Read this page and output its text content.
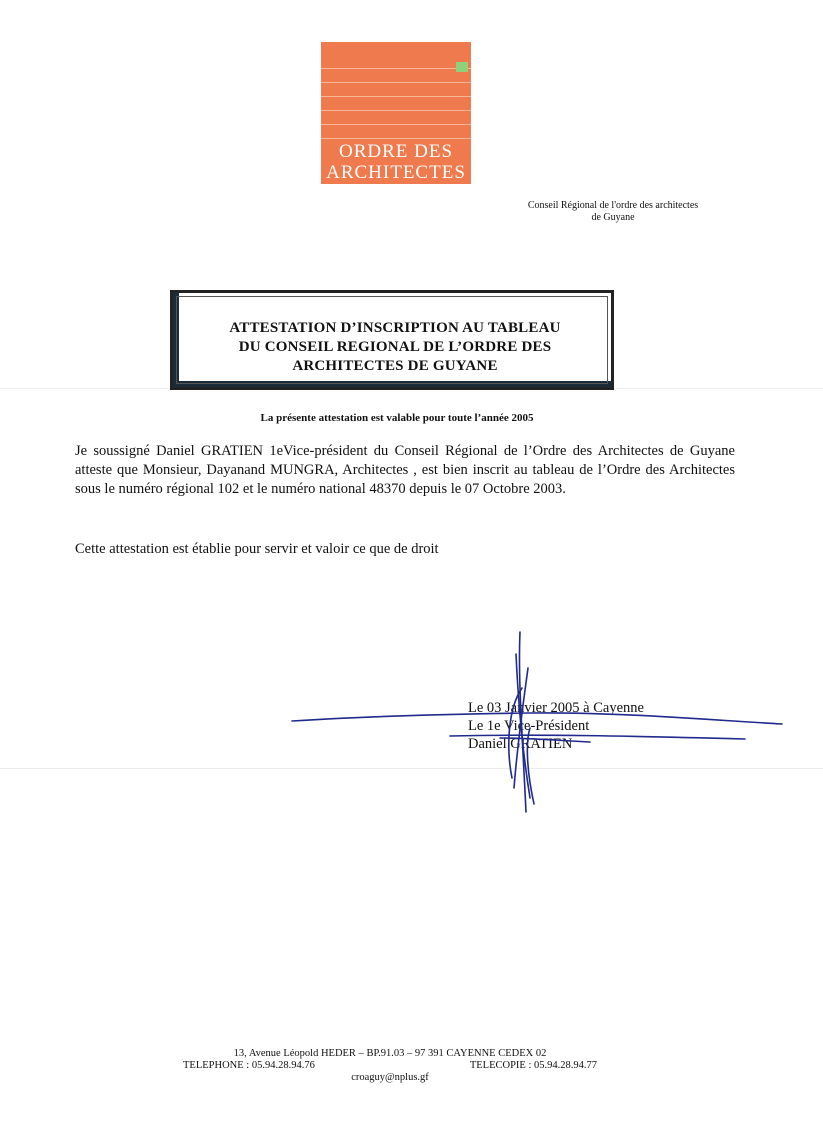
ORDRE DES
ARCHITECTES
Conseil Régional de l'ordre des architectes
de Guyane
ATTESTATION D’INSCRIPTION AU TABLEAU
DU CONSEIL REGIONAL DE L’ORDRE DES
ARCHITECTES DE GUYANE
La présente attestation est valable pour toute l’année 2005
Je soussigné Daniel GRATIEN 1eVice-président du Conseil Régional de l’Ordre des Architectes de Guyane atteste que Monsieur, Dayanand MUNGRA, Architectes , est bien inscrit au tableau de l’Ordre des Architectes sous le numéro régional 102 et le numéro national 48370 depuis le 07 Octobre 2003.
Cette attestation est établie pour servir et valoir ce que de droit
Le 03 Janvier 2005 à Cayenne
Le 1e Vice-Président
Daniel GRATIEN
13, Avenue Léopold HEDER – BP.91.03 – 97 391 CAYENNE CEDEX 02
TELEPHONE : 05.94.28.94.76	TELECOPIE : 05.94.28.94.77
croaguy@nplus.gf
